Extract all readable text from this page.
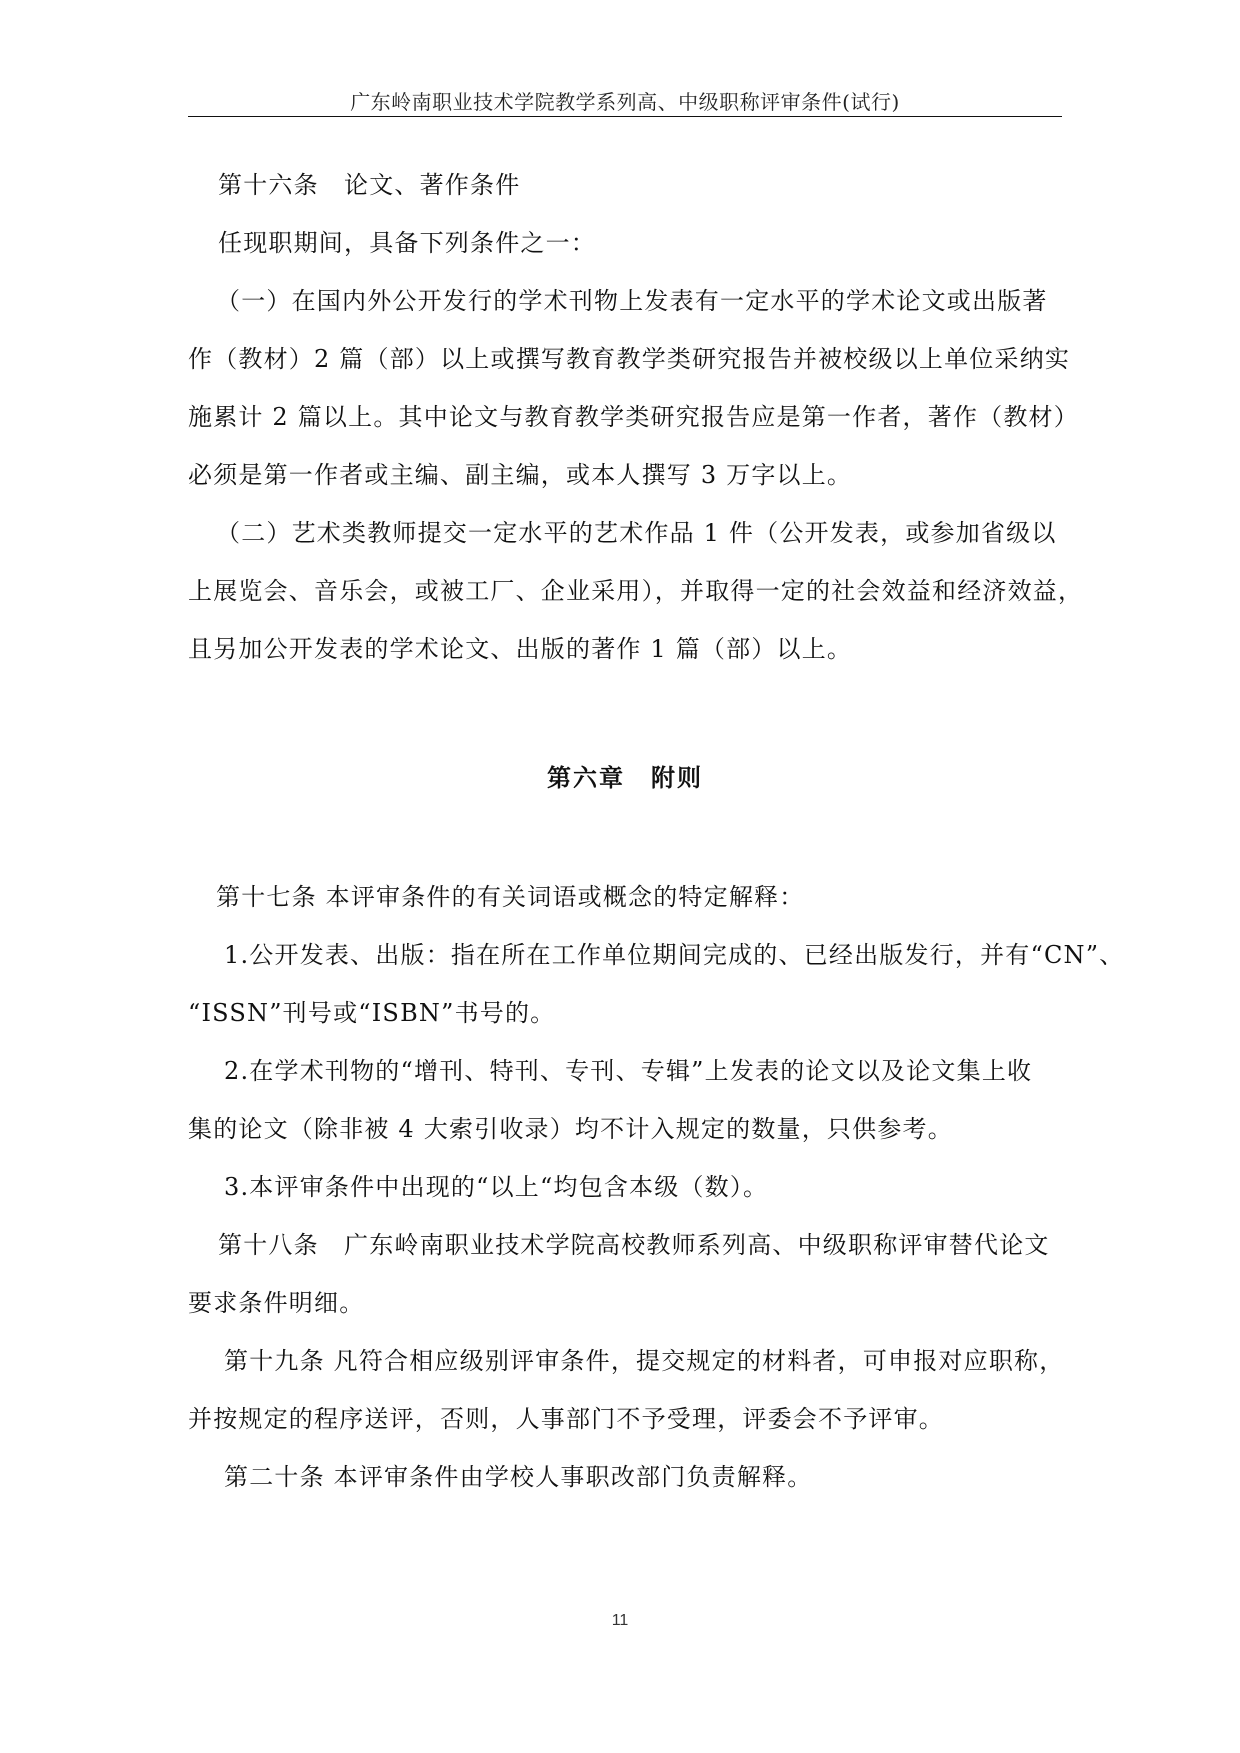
广东岭南职业技术学院教学系列高、中级职称评审条件(试行)

第十六条　论文、著作条件

任现职期间，具备下列条件之一：

（一）在国内外公开发行的学术刊物上发表有一定水平的学术论文或出版著
作（教材）2 篇（部）以上或撰写教育教学类研究报告并被校级以上单位采纳实
施累计 2 篇以上。其中论文与教育教学类研究报告应是第一作者，著作（教材）
必须是第一作者或主编、副主编，或本人撰写 3 万字以上。

（二）艺术类教师提交一定水平的艺术作品 1 件（公开发表，或参加省级以
上展览会、音乐会，或被工厂、企业采用），并取得一定的社会效益和经济效益，
且另加公开发表的学术论文、出版的著作 1 篇（部）以上。

第六章　附则

第十七条 本评审条件的有关词语或概念的特定解释：

1.公开发表、出版：指在所在工作单位期间完成的、已经出版发行，并有“CN”、
“ISSN”刊号或“ISBN”书号的。

2.在学术刊物的“增刊、特刊、专刊、专辑”上发表的论文以及论文集上收
集的论文（除非被 4 大索引收录）均不计入规定的数量，只供参考。

3.本评审条件中出现的“以上“均包含本级（数）。

第十八条　广东岭南职业技术学院高校教师系列高、中级职称评审替代论文
要求条件明细。

第十九条 凡符合相应级别评审条件，提交规定的材料者，可申报对应职称，
并按规定的程序送评，否则，人事部门不予受理，评委会不予评审。

第二十条 本评审条件由学校人事职改部门负责解释。

11
